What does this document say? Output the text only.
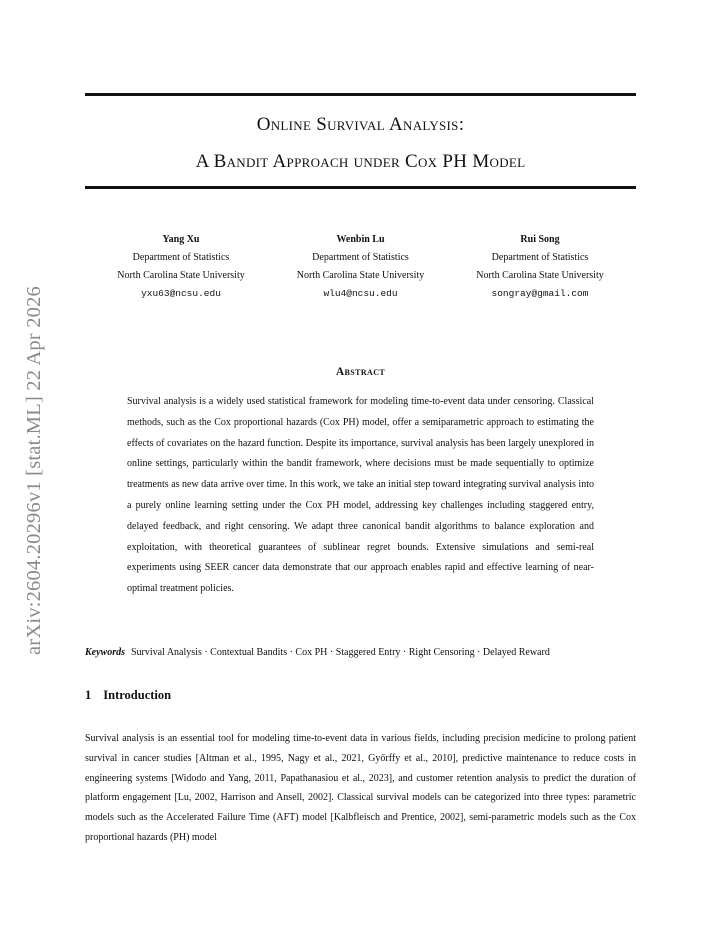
arXiv:2604.20296v1 [stat.ML] 22 Apr 2026
Online Survival Analysis:
A Bandit Approach under Cox PH Model
Yang Xu
Department of Statistics
North Carolina State University
yxu63@ncsu.edu
Wenbin Lu
Department of Statistics
North Carolina State University
wlu4@ncsu.edu
Rui Song
Department of Statistics
North Carolina State University
songray@gmail.com
Abstract

Survival analysis is a widely used statistical framework for modeling time-to-event data under censoring. Classical methods, such as the Cox proportional hazards (Cox PH) model, offer a semiparametric approach to estimating the effects of covariates on the hazard function. Despite its importance, survival analysis has been largely unexplored in online settings, particularly within the bandit framework, where decisions must be made sequentially to optimize treatments as new data arrive over time. In this work, we take an initial step toward integrating survival analysis into a purely online learning setting under the Cox PH model, addressing key challenges including staggered entry, delayed feedback, and right censoring. We adapt three canonical bandit algorithms to balance exploration and exploitation, with theoretical guarantees of sublinear regret bounds. Extensive simulations and semi-real experiments using SEER cancer data demonstrate that our approach enables rapid and effective learning of near-optimal treatment policies.

Keywords Survival Analysis · Contextual Bandits · Cox PH · Staggered Entry · Right Censoring · Delayed Reward
1 Introduction

Survival analysis is an essential tool for modeling time-to-event data in various fields, including precision medicine to prolong patient survival in cancer studies [Altman et al., 1995, Nagy et al., 2021, Győrffy et al., 2010], predictive maintenance to reduce costs in engineering systems [Widodo and Yang, 2011, Papathanasiou et al., 2023], and customer retention analysis to predict the duration of platform engagement [Lu, 2002, Harrison and Ansell, 2002]. Classical survival models can be categorized into three types: parametric models such as the Accelerated Failure Time (AFT) model [Kalbfleisch and Prentice, 2002], semi-parametric models such as the Cox proportional hazards (PH) model
